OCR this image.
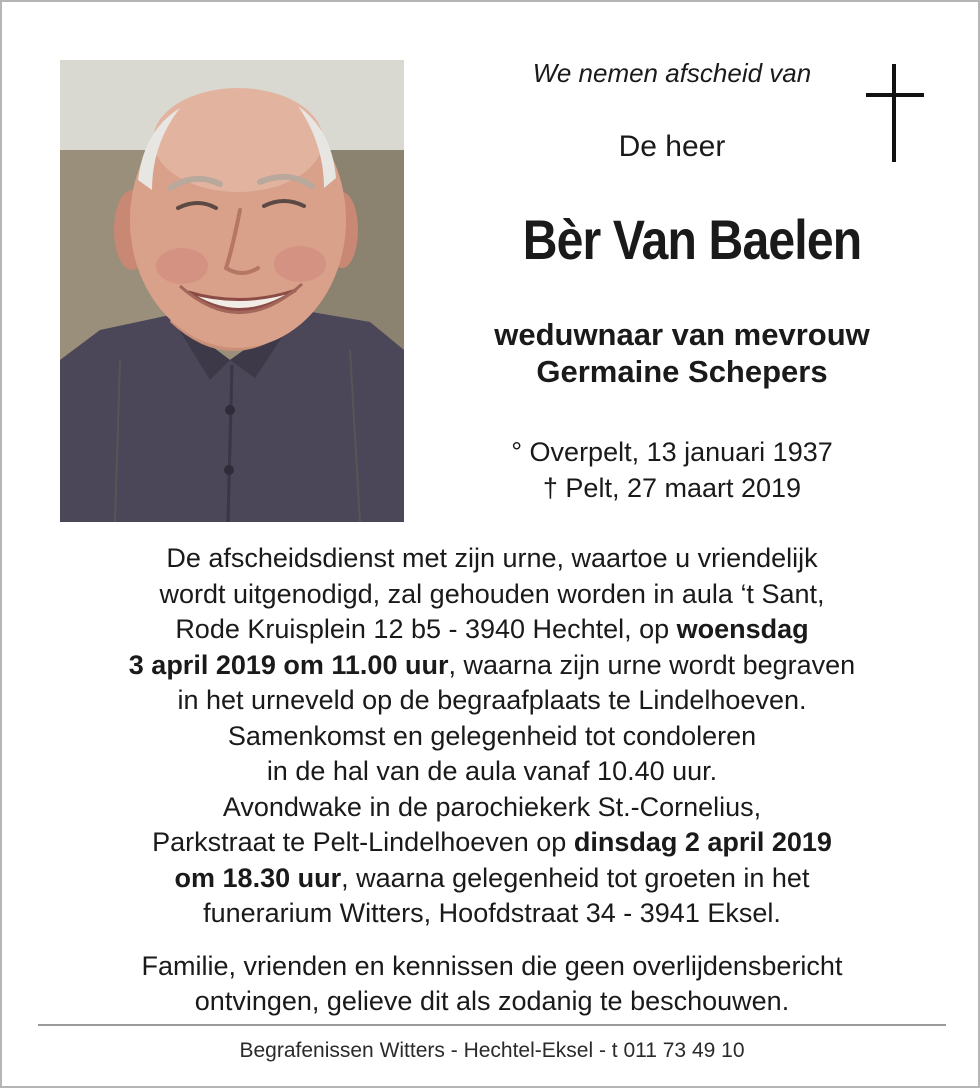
We nemen afscheid van
De heer
Bèr Van Baelen
weduwnaar van mevrouw
Germaine Schepers
° Overpelt, 13 januari 1937
† Pelt, 27 maart 2019
De afscheidsdienst met zijn urne, waartoe u vriendelijk
wordt uitgenodigd, zal gehouden worden in aula ‘t Sant,
Rode Kruisplein 12 b5 - 3940 Hechtel, op woensdag
3 april 2019 om 11.00 uur, waarna zijn urne wordt begraven
in het urneveld op de begraafplaats te Lindelhoeven.
Samenkomst en gelegenheid tot condoleren
in de hal van de aula vanaf 10.40 uur.
Avondwake in de parochiekerk St.-Cornelius,
Parkstraat te Pelt-Lindelhoeven op dinsdag 2 april 2019
om 18.30 uur, waarna gelegenheid tot groeten in het
funerarium Witters, Hoofdstraat 34 - 3941 Eksel.
Familie, vrienden en kennissen die geen overlijdensbericht
ontvingen, gelieve dit als zodanig te beschouwen.
Begrafenissen Witters - Hechtel-Eksel - t 011 73 49 10
